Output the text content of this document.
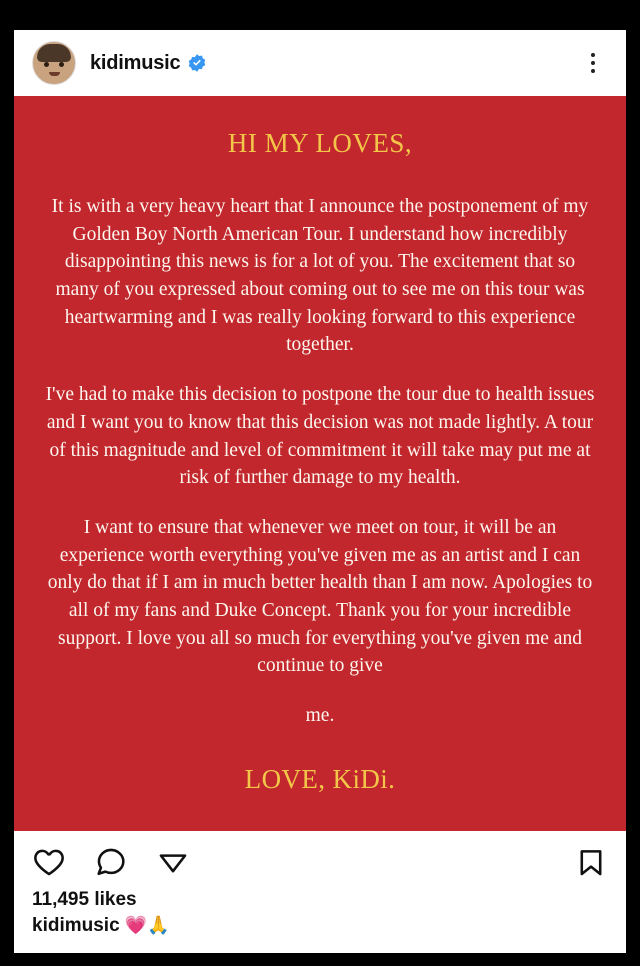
kidimusic
HI MY LOVES,

It is with a very heavy heart that I announce the postponement of my Golden Boy North American Tour. I understand how incredibly disappointing this news is for a lot of you. The excitement that so many of you expressed about coming out to see me on this tour was heartwarming and I was really looking forward to this experience together.

I've had to make this decision to postpone the tour due to health issues and I want you to know that this decision was not made lightly. A tour of this magnitude and level of commitment it will take may put me at risk of further damage to my health.

I want to ensure that whenever we meet on tour, it will be an experience worth everything you've given me as an artist and I can only do that if I am in much better health than I am now. Apologies to all of my fans and Duke Concept. Thank you for your incredible support. I love you all so much for everything you've given me and continue to give

me.

LOVE, KiDi.
11,495 likes
kidimusic 💗🙏
